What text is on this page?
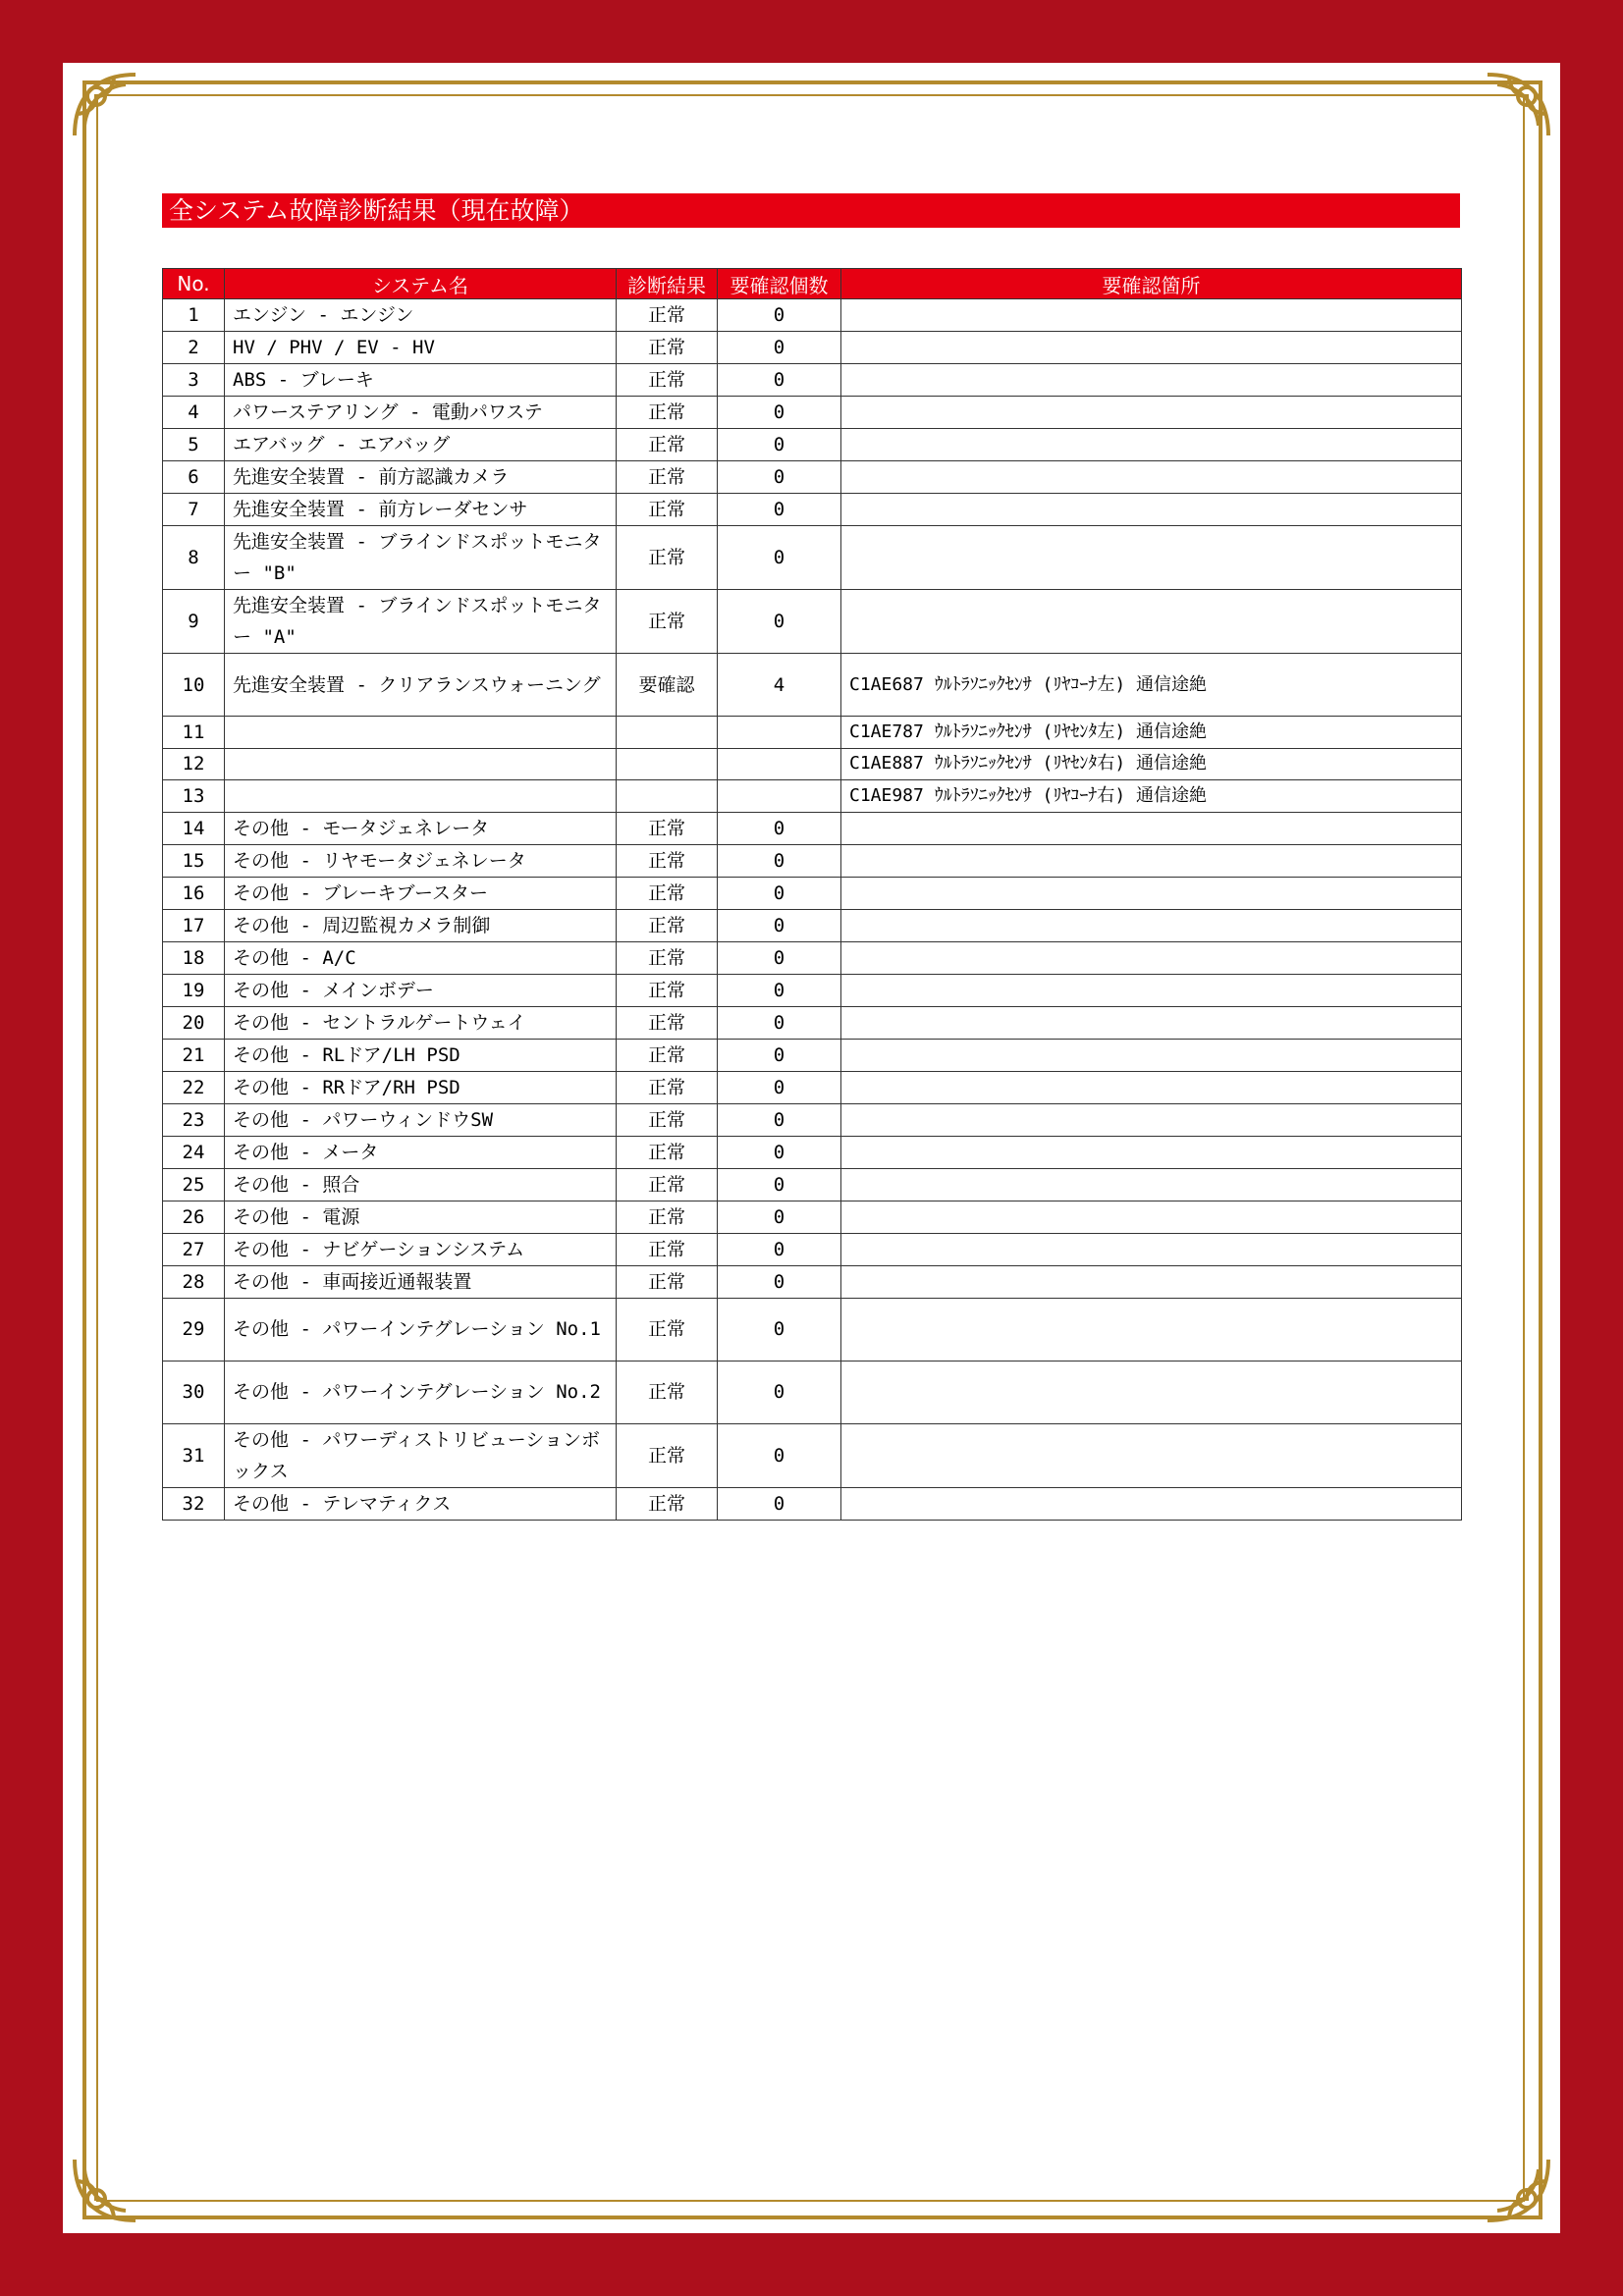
全システム故障診断結果（現在故障）
No.	システム名	診断結果	要確認個数	要確認箇所
1	エンジン - エンジン	正常	0	
2	HV / PHV / EV - HV	正常	0	
3	ABS - ブレーキ	正常	0	
4	パワーステアリング - 電動パワステ	正常	0	
5	エアバッグ - エアバッグ	正常	0	
6	先進安全装置 - 前方認識カメラ	正常	0	
7	先進安全装置 - 前方レーダセンサ	正常	0	
8	先進安全装置 - ブラインドスポットモニター "B"	正常	0	
9	先進安全装置 - ブラインドスポットモニター "A"	正常	0	
10	先進安全装置 - クリアランスウォーニング	要確認	4	C1AE687 ｳﾙﾄﾗｿﾆｯｸｾﾝｻ (ﾘﾔｺｰﾅ左) 通信途絶
11				C1AE787 ｳﾙﾄﾗｿﾆｯｸｾﾝｻ (ﾘﾔｾﾝﾀ左) 通信途絶
12				C1AE887 ｳﾙﾄﾗｿﾆｯｸｾﾝｻ (ﾘﾔｾﾝﾀ右) 通信途絶
13				C1AE987 ｳﾙﾄﾗｿﾆｯｸｾﾝｻ (ﾘﾔｺｰﾅ右) 通信途絶
14	その他 - モータジェネレータ	正常	0	
15	その他 - リヤモータジェネレータ	正常	0	
16	その他 - ブレーキブースター	正常	0	
17	その他 - 周辺監視カメラ制御	正常	0	
18	その他 - A/C	正常	0	
19	その他 - メインボデー	正常	0	
20	その他 - セントラルゲートウェイ	正常	0	
21	その他 - RLドア/LH PSD	正常	0	
22	その他 - RRドア/RH PSD	正常	0	
23	その他 - パワーウィンドウSW	正常	0	
24	その他 - メータ	正常	0	
25	その他 - 照合	正常	0	
26	その他 - 電源	正常	0	
27	その他 - ナビゲーションシステム	正常	0	
28	その他 - 車両接近通報装置	正常	0	
29	その他 - パワーインテグレーション No.1	正常	0	
30	その他 - パワーインテグレーション No.2	正常	0	
31	その他 - パワーディストリビューションボックス	正常	0	
32	その他 - テレマティクス	正常	0	
